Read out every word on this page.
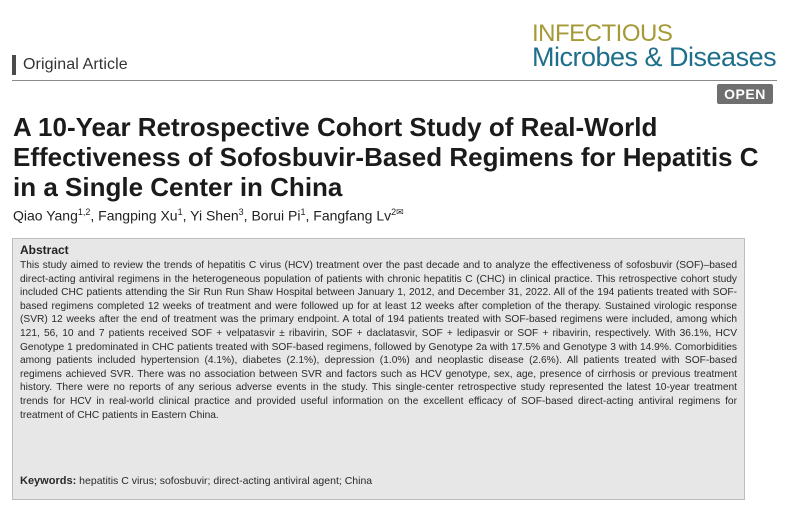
Original Article
INFECTIOUS
Microbes & Diseases
OPEN
A 10-Year Retrospective Cohort Study of Real-World Effectiveness of Sofosbuvir-Based Regimens for Hepatitis C in a Single Center in China
Qiao Yang$^{1,2}$, Fangping Xu$^1$, Yi Shen$^3$, Borui Pi$^1$, Fangfang $Lv^{2✉}$
Abstract

This study aimed to review the trends of hepatitis C virus (HCV) treatment over the past decade and to analyze the effectiveness of sofosbuvir (SOF)–based direct-acting antiviral regimens in the heterogeneous population of patients with chronic hepatitis C (CHC) in clinical practice. This retrospective cohort study included CHC patients attending the Sir Run Run Shaw Hospital between January 1, 2012, and December 31, 2022. All of the 194 patients treated with SOF-based regimens completed 12 weeks of treatment and were followed up for at least 12 weeks after completion of the therapy. Sustained virologic response (SVR) 12 weeks after the end of treatment was the primary endpoint. A total of 194 patients treated with SOF-based regimens were included, among which 121, 56, 10 and 7 patients received SOF + velpatasvir ± ribavirin, SOF + daclatasvir, SOF + ledipasvir or SOF + ribavirin, respectively. With 36.1%, HCV Genotype 1 predominated in CHC patients treated with SOF-based regimens, followed by Genotype 2a with 17.5% and Genotype 3 with 14.9%. Comorbidities among patients included hypertension (4.1%), diabetes (2.1%), depression (1.0%) and neoplastic disease (2.6%). All patients treated with SOF-based regimens achieved SVR. There was no association between SVR and factors such as HCV genotype, sex, age, presence of cirrhosis or previous treatment history. There were no reports of any serious adverse events in the study. This single-center retrospective study represented the latest 10-year treatment trends for HCV in real-world clinical practice and provided useful information on the excellent efficacy of SOF-based direct-acting antiviral regimens for treatment of CHC patients in Eastern China.

Keywords: hepatitis C virus; sofosbuvir; direct-acting antiviral agent; China
